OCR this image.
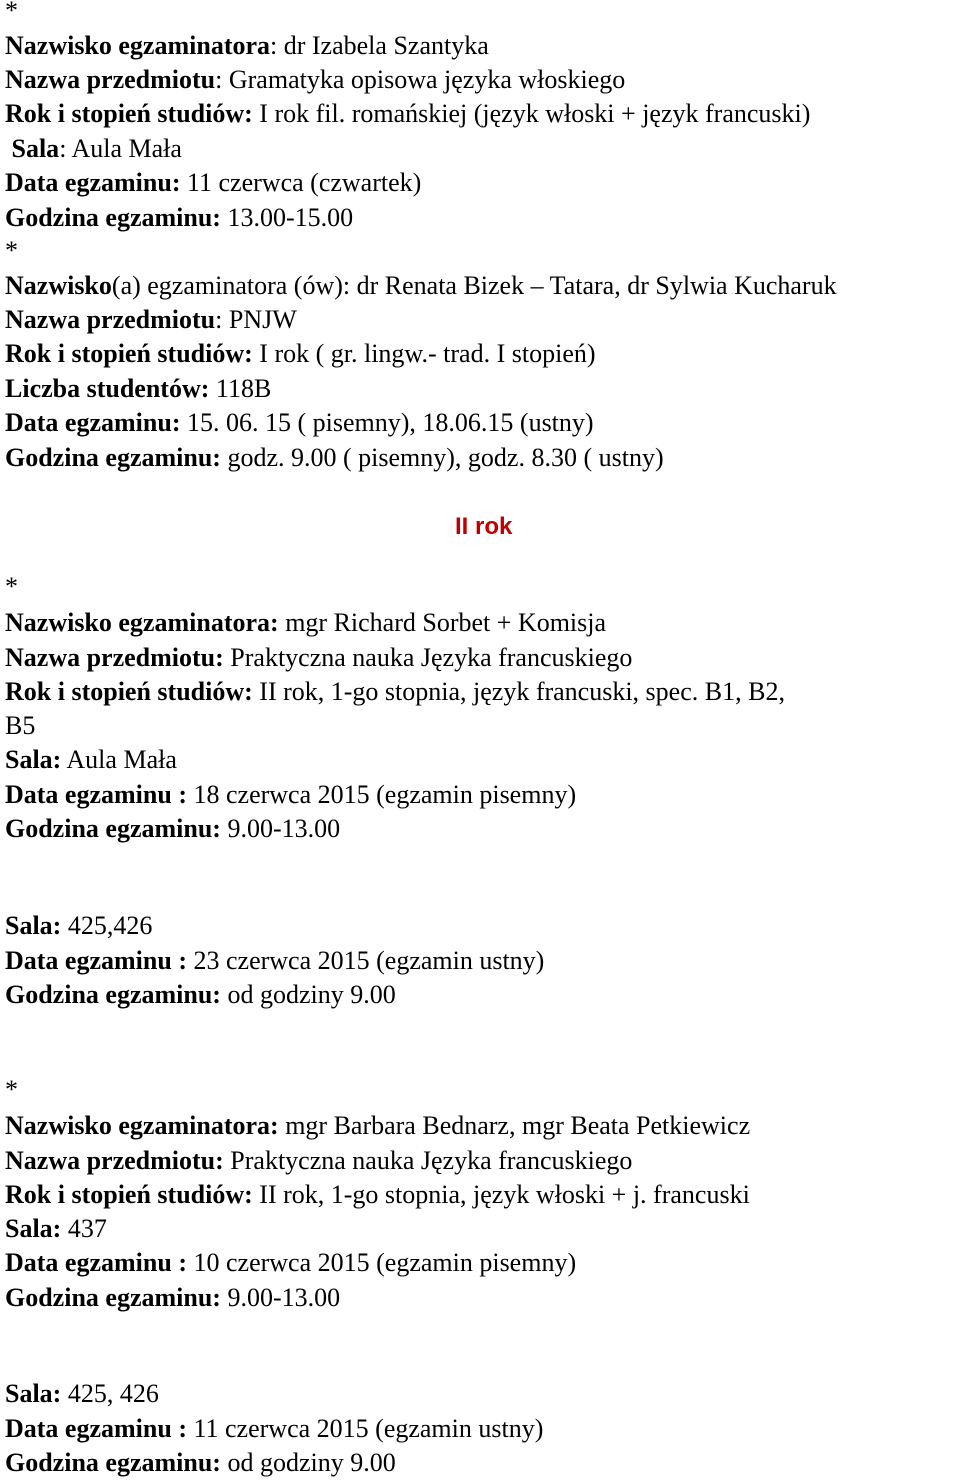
*
Nazwisko egzaminatora: dr Izabela Szantyka
Nazwa przedmiotu: Gramatyka opisowa języka włoskiego
Rok i stopień studiów: I rok fil. romańskiej (język włoski + język francuski)
Sala: Aula Mała
Data egzaminu: 11 czerwca (czwartek)
Godzina egzaminu: 13.00-15.00
*
Nazwisko(a) egzaminatora (ów): dr Renata Bizek – Tatara, dr Sylwia Kucharuk
Nazwa przedmiotu: PNJW
Rok i stopień studiów: I rok ( gr. lingw.- trad. I stopień)
Liczba studentów: 118B
Data egzaminu: 15. 06. 15 ( pisemny), 18.06.15 (ustny)
Godzina egzaminu: godz. 9.00 ( pisemny), godz. 8.30 ( ustny)
II rok
*
Nazwisko egzaminatora: mgr Richard Sorbet + Komisja
Nazwa przedmiotu: Praktyczna nauka Języka francuskiego
Rok i stopień studiów: II rok, 1-go stopnia, język francuski, spec. B1, B2,
B5
Sala: Aula Mała
Data egzaminu : 18 czerwca 2015 (egzamin pisemny)
Godzina egzaminu: 9.00-13.00
Sala: 425,426
Data egzaminu : 23 czerwca 2015 (egzamin ustny)
Godzina egzaminu: od godziny 9.00
*
Nazwisko egzaminatora: mgr Barbara Bednarz, mgr Beata Petkiewicz
Nazwa przedmiotu: Praktyczna nauka Języka francuskiego
Rok i stopień studiów: II rok, 1-go stopnia, język włoski + j. francuski
Sala: 437
Data egzaminu : 10 czerwca 2015 (egzamin pisemny)
Godzina egzaminu: 9.00-13.00
Sala: 425, 426
Data egzaminu : 11 czerwca 2015 (egzamin ustny)
Godzina egzaminu: od godziny 9.00
